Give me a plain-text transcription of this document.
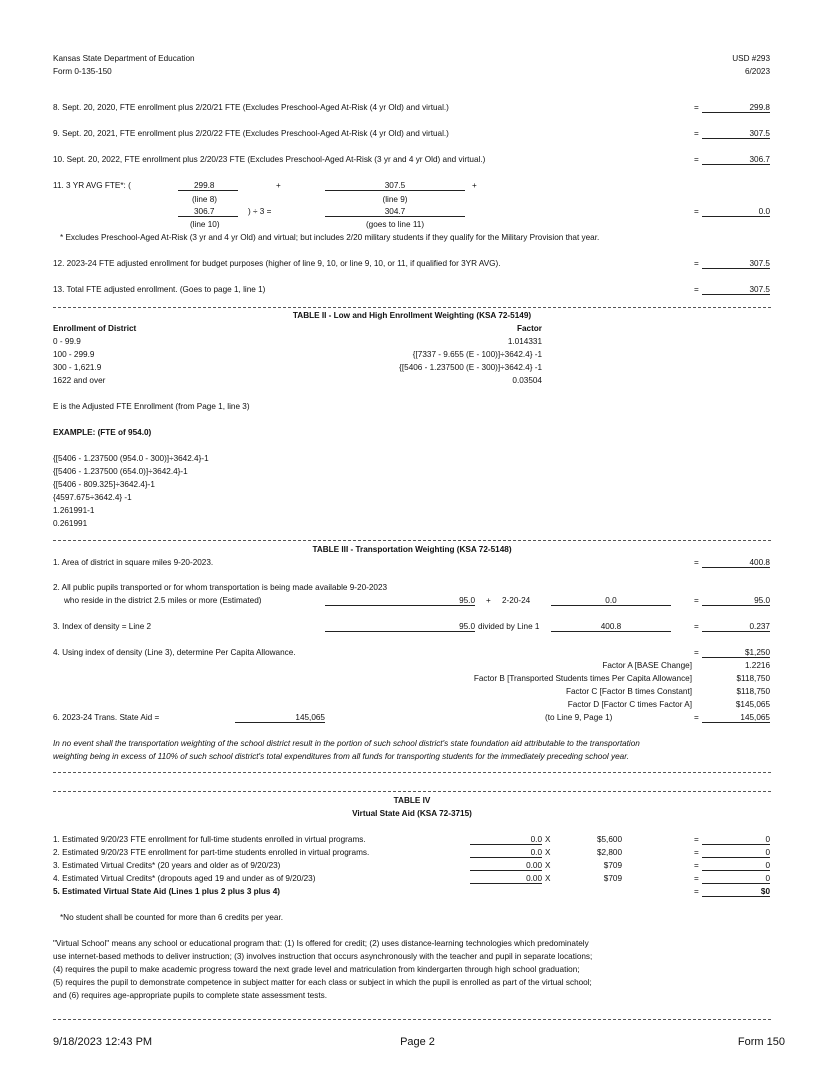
Kansas State Department of Education
Form 0-135-150
USD #293
6/2023
8. Sept. 20, 2020, FTE enrollment plus 2/20/21 FTE (Excludes Preschool-Aged At-Risk (4 yr Old) and virtual.)	=	299.8
9. Sept. 20, 2021, FTE enrollment plus 2/20/22 FTE (Excludes Preschool-Aged At-Risk (4 yr Old) and virtual.)	=	307.5
10. Sept. 20, 2022, FTE enrollment plus 2/20/23 FTE (Excludes Preschool-Aged At-Risk (3 yr and 4 yr Old) and virtual.)	=	306.7
11. 3 YR AVG FTE*: (	299.8	+	307.5	+
(line 8)	(line 9)
306.7	) ÷ 3 =	304.7	=	0.0
(line 10)	(goes to line 11)
* Excludes Preschool-Aged At-Risk (3 yr and 4 yr Old) and virtual; but includes 2/20 military students if they qualify for the Military Provision that year.
12. 2023-24 FTE adjusted enrollment for budget purposes (higher of line 9, 10, or line 9, 10, or 11, if qualified for 3YR AVG).	=	307.5
13. Total FTE adjusted enrollment. (Goes to page 1, line 1)	=	307.5
TABLE II - Low and High Enrollment Weighting (KSA 72-5149)
Enrollment of District	Factor
0 - 99.9	1.014331
100 - 299.9	{[7337 - 9.655 (E - 100)]÷3642.4} -1
300 - 1,621.9	{[5406 - 1.237500 (E - 300)]÷3642.4} -1
1622 and over	0.03504
E is the Adjusted FTE Enrollment (from Page 1, line 3)
EXAMPLE: (FTE of 954.0)
{[5406 - 1.237500 (954.0 - 300)]÷3642.4}-1
{[5406 - 1.237500 (654.0)]÷3642.4}-1
{[5406 - 809.325]÷3642.4}-1
{4597.675÷3642.4} -1
1.261991-1
0.261991
TABLE III - Transportation Weighting (KSA 72-5148)
1. Area of district in square miles 9-20-2023.	=	400.8
2. All public pupils transported or for whom transportation is being made available 9-20-2023
who reside in the district 2.5 miles or more (Estimated)	95.0 + 2-20-24	0.0	=	95.0
3. Index of density = Line 2	95.0 divided by Line 1	400.8	=	0.237
4. Using index of density (Line 3), determine Per Capita Allowance.	=	$1,250
Factor A [BASE Change]	1.2216
Factor B [Transported Students times Per Capita Allowance]	$118,750
Factor C [Factor B times Constant]	$118,750
Factor D [Factor C times Factor A]	$145,065
6. 2023-24 Trans. State Aid =	145,065	(to Line 9, Page 1)	=	145,065
In no event shall the transportation weighting of the school district result in the portion of such school district's state foundation aid attributable to the transportation
weighting being in excess of 110% of such school district's total expenditures from all funds for transporting students for the immediately preceding school year.
TABLE IV
Virtual State Aid (KSA 72-3715)
1. Estimated 9/20/23 FTE enrollment for full-time students enrolled in virtual programs.	0.0 X	$5,600	=	0
2. Estimated 9/20/23 FTE enrollment for part-time students enrolled in virtual programs.	0.0 X	$2,800	=	0
3. Estimated Virtual Credits* (20 years and older as of 9/20/23)	0.00 X	$709	=	0
4. Estimated Virtual Credits* (dropouts aged 19 and under as of 9/20/23)	0.00 X	$709	=	0
5. Estimated Virtual State Aid (Lines 1 plus 2 plus 3 plus 4)	=	$0
*No student shall be counted for more than 6 credits per year.
"Virtual School" means any school or educational program that: (1) Is offered for credit; (2) uses distance-learning technologies which predominately
use internet-based methods to deliver instruction; (3) involves instruction that occurs asynchronously with the teacher and pupil in separate locations;
(4) requires the pupil to make academic progress toward the next grade level and matriculation from kindergarten through high school graduation;
(5) requires the pupil to demonstrate competence in subject matter for each class or subject in which the pupil is enrolled as part of the virtual school;
and (6) requires age-appropriate pupils to complete state assessment tests.
9/18/2023 12:43 PM	Page 2	Form 150
